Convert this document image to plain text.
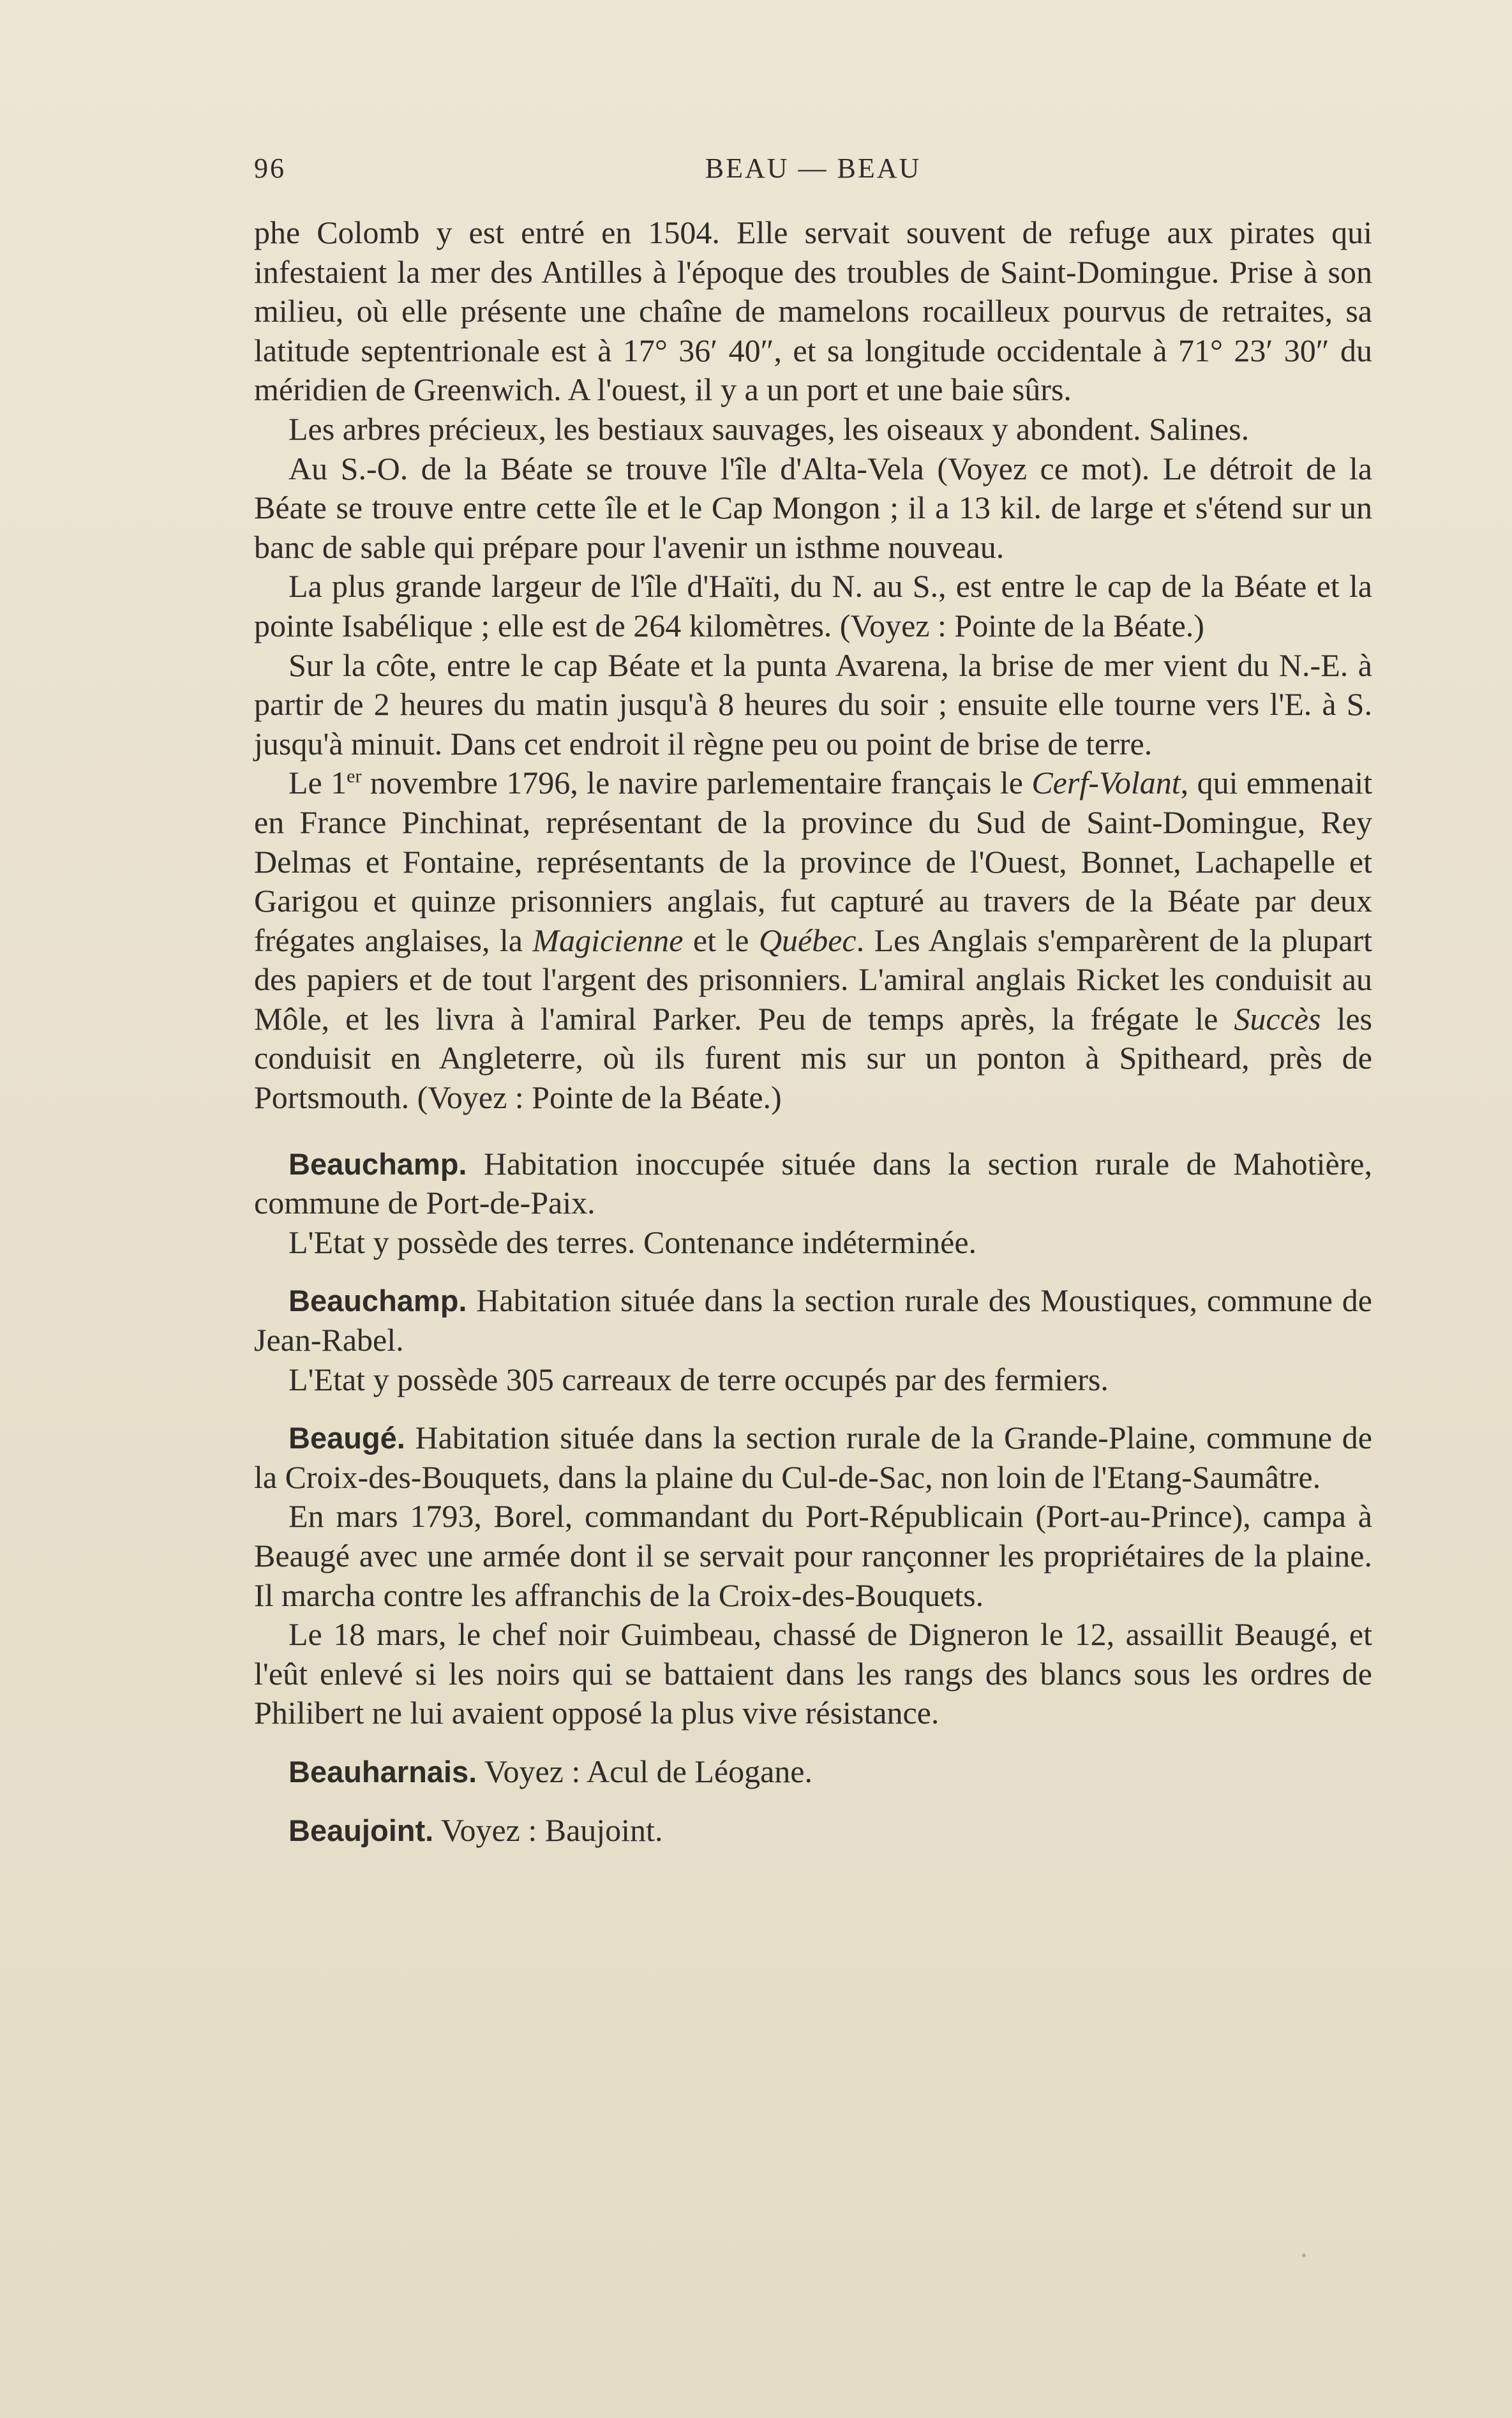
96	BEAU — BEAU

phe Colomb y est entré en 1504. Elle servait souvent de refuge aux pirates qui infestaient la mer des Antilles à l'époque des troubles de Saint-Domingue. Prise à son milieu, où elle présente une chaîne de mamelons rocailleux pourvus de retraites, sa latitude septentrionale est à 17° 36′ 40″, et sa longitude occidentale à 71° 23′ 30″ du méridien de Greenwich. A l'ouest, il y a un port et une baie sûrs.

Les arbres précieux, les bestiaux sauvages, les oiseaux y abondent. Salines.

Au S.-O. de la Béate se trouve l'île d'Alta-Vela (Voyez ce mot). Le détroit de la Béate se trouve entre cette île et le Cap Mongon ; il a 13 kil. de large et s'étend sur un banc de sable qui prépare pour l'avenir un isthme nouveau.

La plus grande largeur de l'île d'Haïti, du N. au S., est entre le cap de la Béate et la pointe Isabélique ; elle est de 264 kilomètres. (Voyez : Pointe de la Béate.)

Sur la côte, entre le cap Béate et la punta Avarena, la brise de mer vient du N.-E. à partir de 2 heures du matin jusqu'à 8 heures du soir ; ensuite elle tourne vers l'E. à S. jusqu'à minuit. Dans cet endroit il règne peu ou point de brise de terre.

Le 1er novembre 1796, le navire parlementaire français le Cerf-Volant, qui emmenait en France Pinchinat, représentant de la province du Sud de Saint-Domingue, Rey Delmas et Fontaine, représentants de la province de l'Ouest, Bonnet, Lachapelle et Garigou et quinze prisonniers anglais, fut capturé au travers de la Béate par deux frégates anglaises, la Magicienne et le Québec. Les Anglais s'emparèrent de la plupart des papiers et de tout l'argent des prisonniers. L'amiral anglais Ricket les conduisit au Môle, et les livra à l'amiral Parker. Peu de temps après, la frégate le Succès les conduisit en Angleterre, où ils furent mis sur un ponton à Spitheard, près de Portsmouth. (Voyez : Pointe de la Béate.)

Beauchamp. Habitation inoccupée située dans la section rurale de Mahotière, commune de Port-de-Paix.

L'Etat y possède des terres. Contenance indéterminée.

Beauchamp. Habitation située dans la section rurale des Moustiques, commune de Jean-Rabel.

L'Etat y possède 305 carreaux de terre occupés par des fermiers.

Beaugé. Habitation située dans la section rurale de la Grande-Plaine, commune de la Croix-des-Bouquets, dans la plaine du Cul-de-Sac, non loin de l'Etang-Saumâtre.

En mars 1793, Borel, commandant du Port-Républicain (Port-au-Prince), campa à Beaugé avec une armée dont il se servait pour rançonner les propriétaires de la plaine. Il marcha contre les affranchis de la Croix-des-Bouquets.

Le 18 mars, le chef noir Guimbeau, chassé de Digneron le 12, assaillit Beaugé, et l'eût enlevé si les noirs qui se battaient dans les rangs des blancs sous les ordres de Philibert ne lui avaient opposé la plus vive résistance.

Beauharnais. Voyez : Acul de Léogane.

Beaujoint. Voyez : Baujoint.
